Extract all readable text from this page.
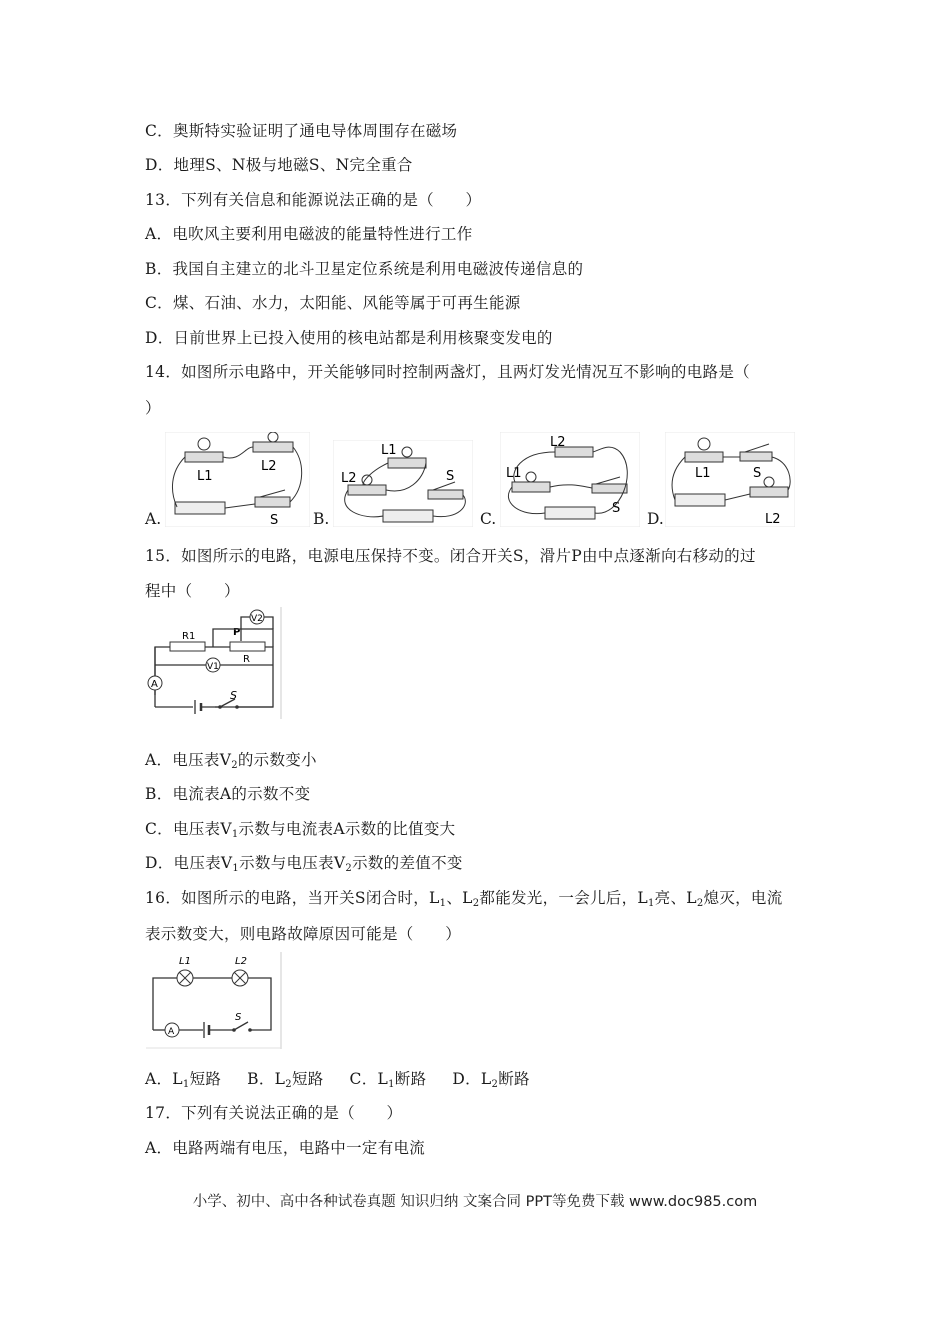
C．奥斯特实验证明了通电导体周围存在磁场
D．地理S、N极与地磁S、N完全重合
13．下列有关信息和能源说法正确的是（　　）
A．电吹风主要利用电磁波的能量特性进行工作
B．我国自主建立的北斗卫星定位系统是利用电磁波传递信息的
C．煤、石油、水力，太阳能、风能等属于可再生能源
D．日前世界上已投入使用的核电站都是利用核聚变发电的
14．如图所示电路中，开关能够同时控制两盏灯，且两灯发光情况互不影响的电路是（
）
L1
L2
S
A.
L1
L2	S
B.
L2
L1
S
C.
L1	S
L2
D.
15．如图所示的电路，电源电压保持不变。闭合开关S，滑片P由中点逐渐向右移动的过
程中（　　）
S
A
R1
R
P
V2
V1
A．电压表$V_2$的示数变小
B．电流表A的示数不变
C．电压表$V_1$示数与电流表A示数的比值变大
D．电压表$V_1$示数与电压表$V_2$示数的差值不变
16．如图所示的电路，当开关S闭合时，$L_1$、$L_2$都能发光，一会儿后，$L_1$亮、$L_2$熄灭，电流
表示数变大，则电路故障原因可能是（　　）
L1	L2
A
S
A．$L_1$短路 B．$L_2$短路 C．$L_1$断路 D．$L_2$断路
17．下列有关说法正确的是（　　）
A．电路两端有电压，电路中一定有电流
小学、初中、高中各种试卷真题 知识归纳 文案合同 PPT等免费下载 www.doc985.com
